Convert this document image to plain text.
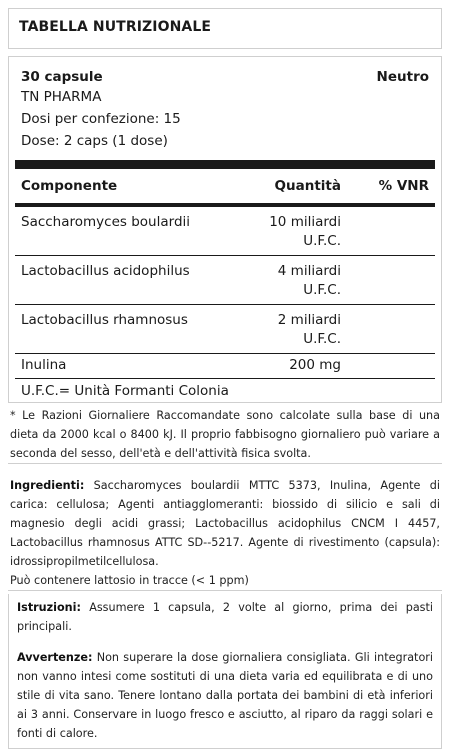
TABELLA NUTRIZIONALE
30 capsule	Neutro
TN PHARMA
Dosi per confezione: 15
Dose: 2 caps (1 dose)
Componente	Quantità	% VNR
Saccharomyces boulardii	10 miliardi
U.F.C.
Lactobacillus acidophilus	4 miliardi
U.F.C.
Lactobacillus rhamnosus	2 miliardi
U.F.C.
Inulina	200 mg
U.F.C.= Unità Formanti Colonia
* Le Razioni Giornaliere Raccomandate sono calcolate sulla base di una dieta da 2000 kcal o 8400 kJ. Il proprio fabbisogno giornaliero può variare a seconda del sesso, dell'età e dell'attività fisica svolta.
Ingredienti: Saccharomyces boulardii MTTC 5373, Inulina, Agente di carica: cellulosa; Agenti antiagglomeranti: biossido di silicio e sali di magnesio degli acidi grassi; Lactobacillus acidophilus CNCM I 4457, Lactobacillus rhamnosus ATTC SD--5217. Agente di rivestimento (capsula): idrossipropilmetilcellulosa.
Può contenere lattosio in tracce (< 1 ppm)
Istruzioni: Assumere 1 capsula, 2 volte al giorno, prima dei pasti principali.
Avvertenze: Non superare la dose giornaliera consigliata. Gli integratori non vanno intesi come sostituti di una dieta varia ed equilibrata e di uno stile di vita sano. Tenere lontano dalla portata dei bambini di età inferiori ai 3 anni. Conservare in luogo fresco e asciutto, al riparo da raggi solari e fonti di calore.
